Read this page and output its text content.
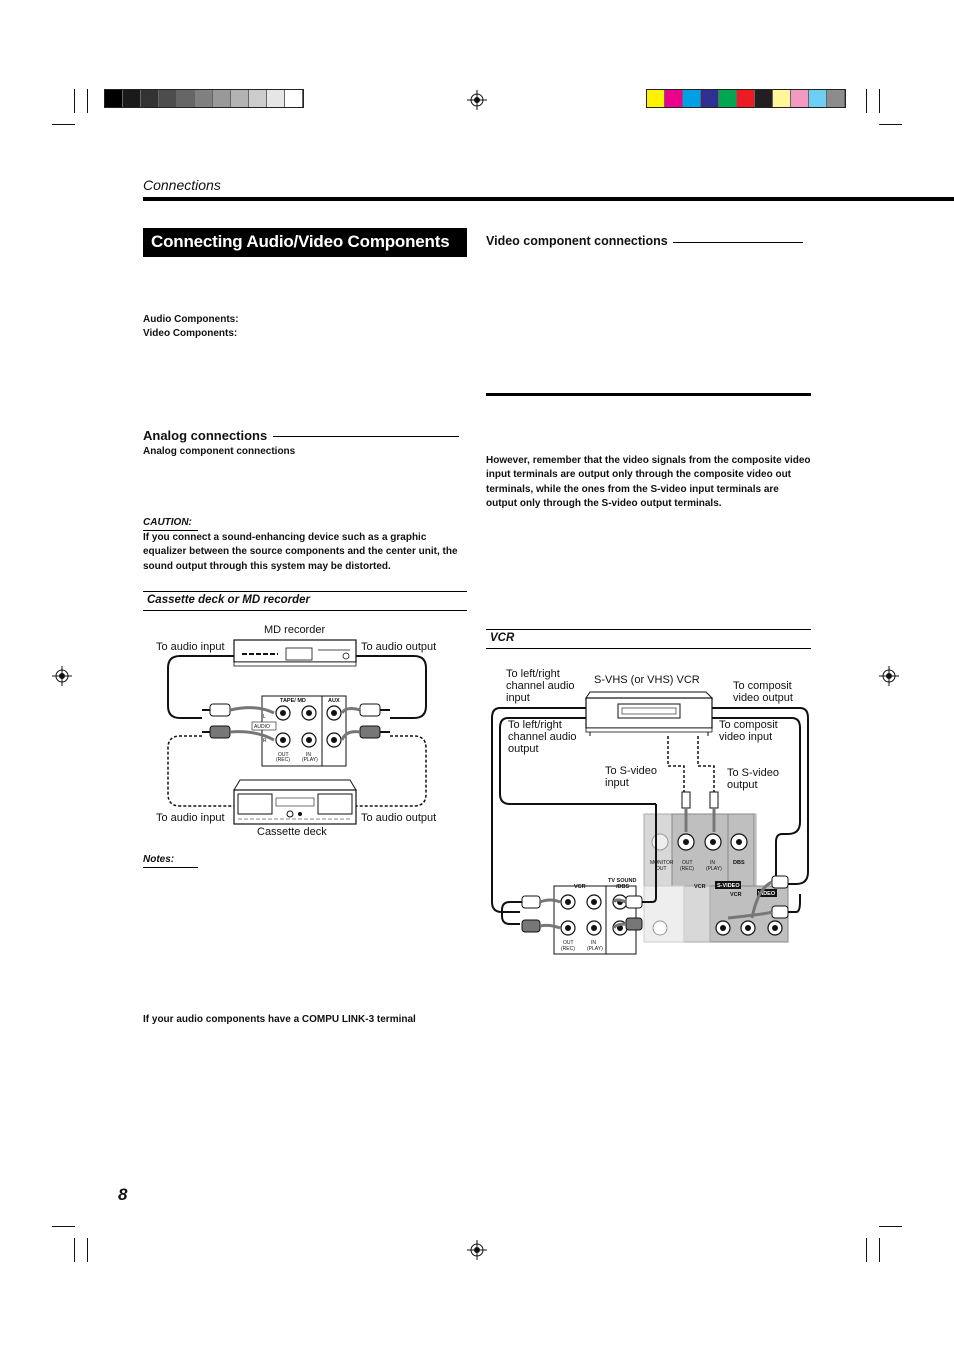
Connections
Connecting Audio/Video Components
Audio Components:
Video Components:
Analog connections
Analog component connections
CAUTION:
If you connect a sound-enhancing device such as a graphic equalizer between the source components and the center unit, the sound output through this system may be distorted.
Cassette deck or MD recorder
MD recorder
To audio input	To audio output
TAPE/ MD	AUX
AUDIO
L
R
OUT
(REC)
IN
(PLAY)
To audio input	To audio output
Cassette deck
Notes:
If your audio components have a COMPU LINK-3 terminal
Video component connections
However, remember that the video signals from the composite video input terminals are output only through the composite video out terminals, while the ones from the S-video input terminals are output only through the S-video output terminals.
VCR
To left/right
channel audio
input
S-VHS (or VHS) VCR	To composit
video output
To left/right
channel audio
output
To composit
video input
To S-video
input
To S-video
output
MONITOR
OUT
OUT
(REC)
IN
(PLAY)
DBS
VCR S-VIDEO
VCR	VIDEO
TV SOUND
/DBS
VCR
OUT
(REC)
IN
(PLAY)
8
